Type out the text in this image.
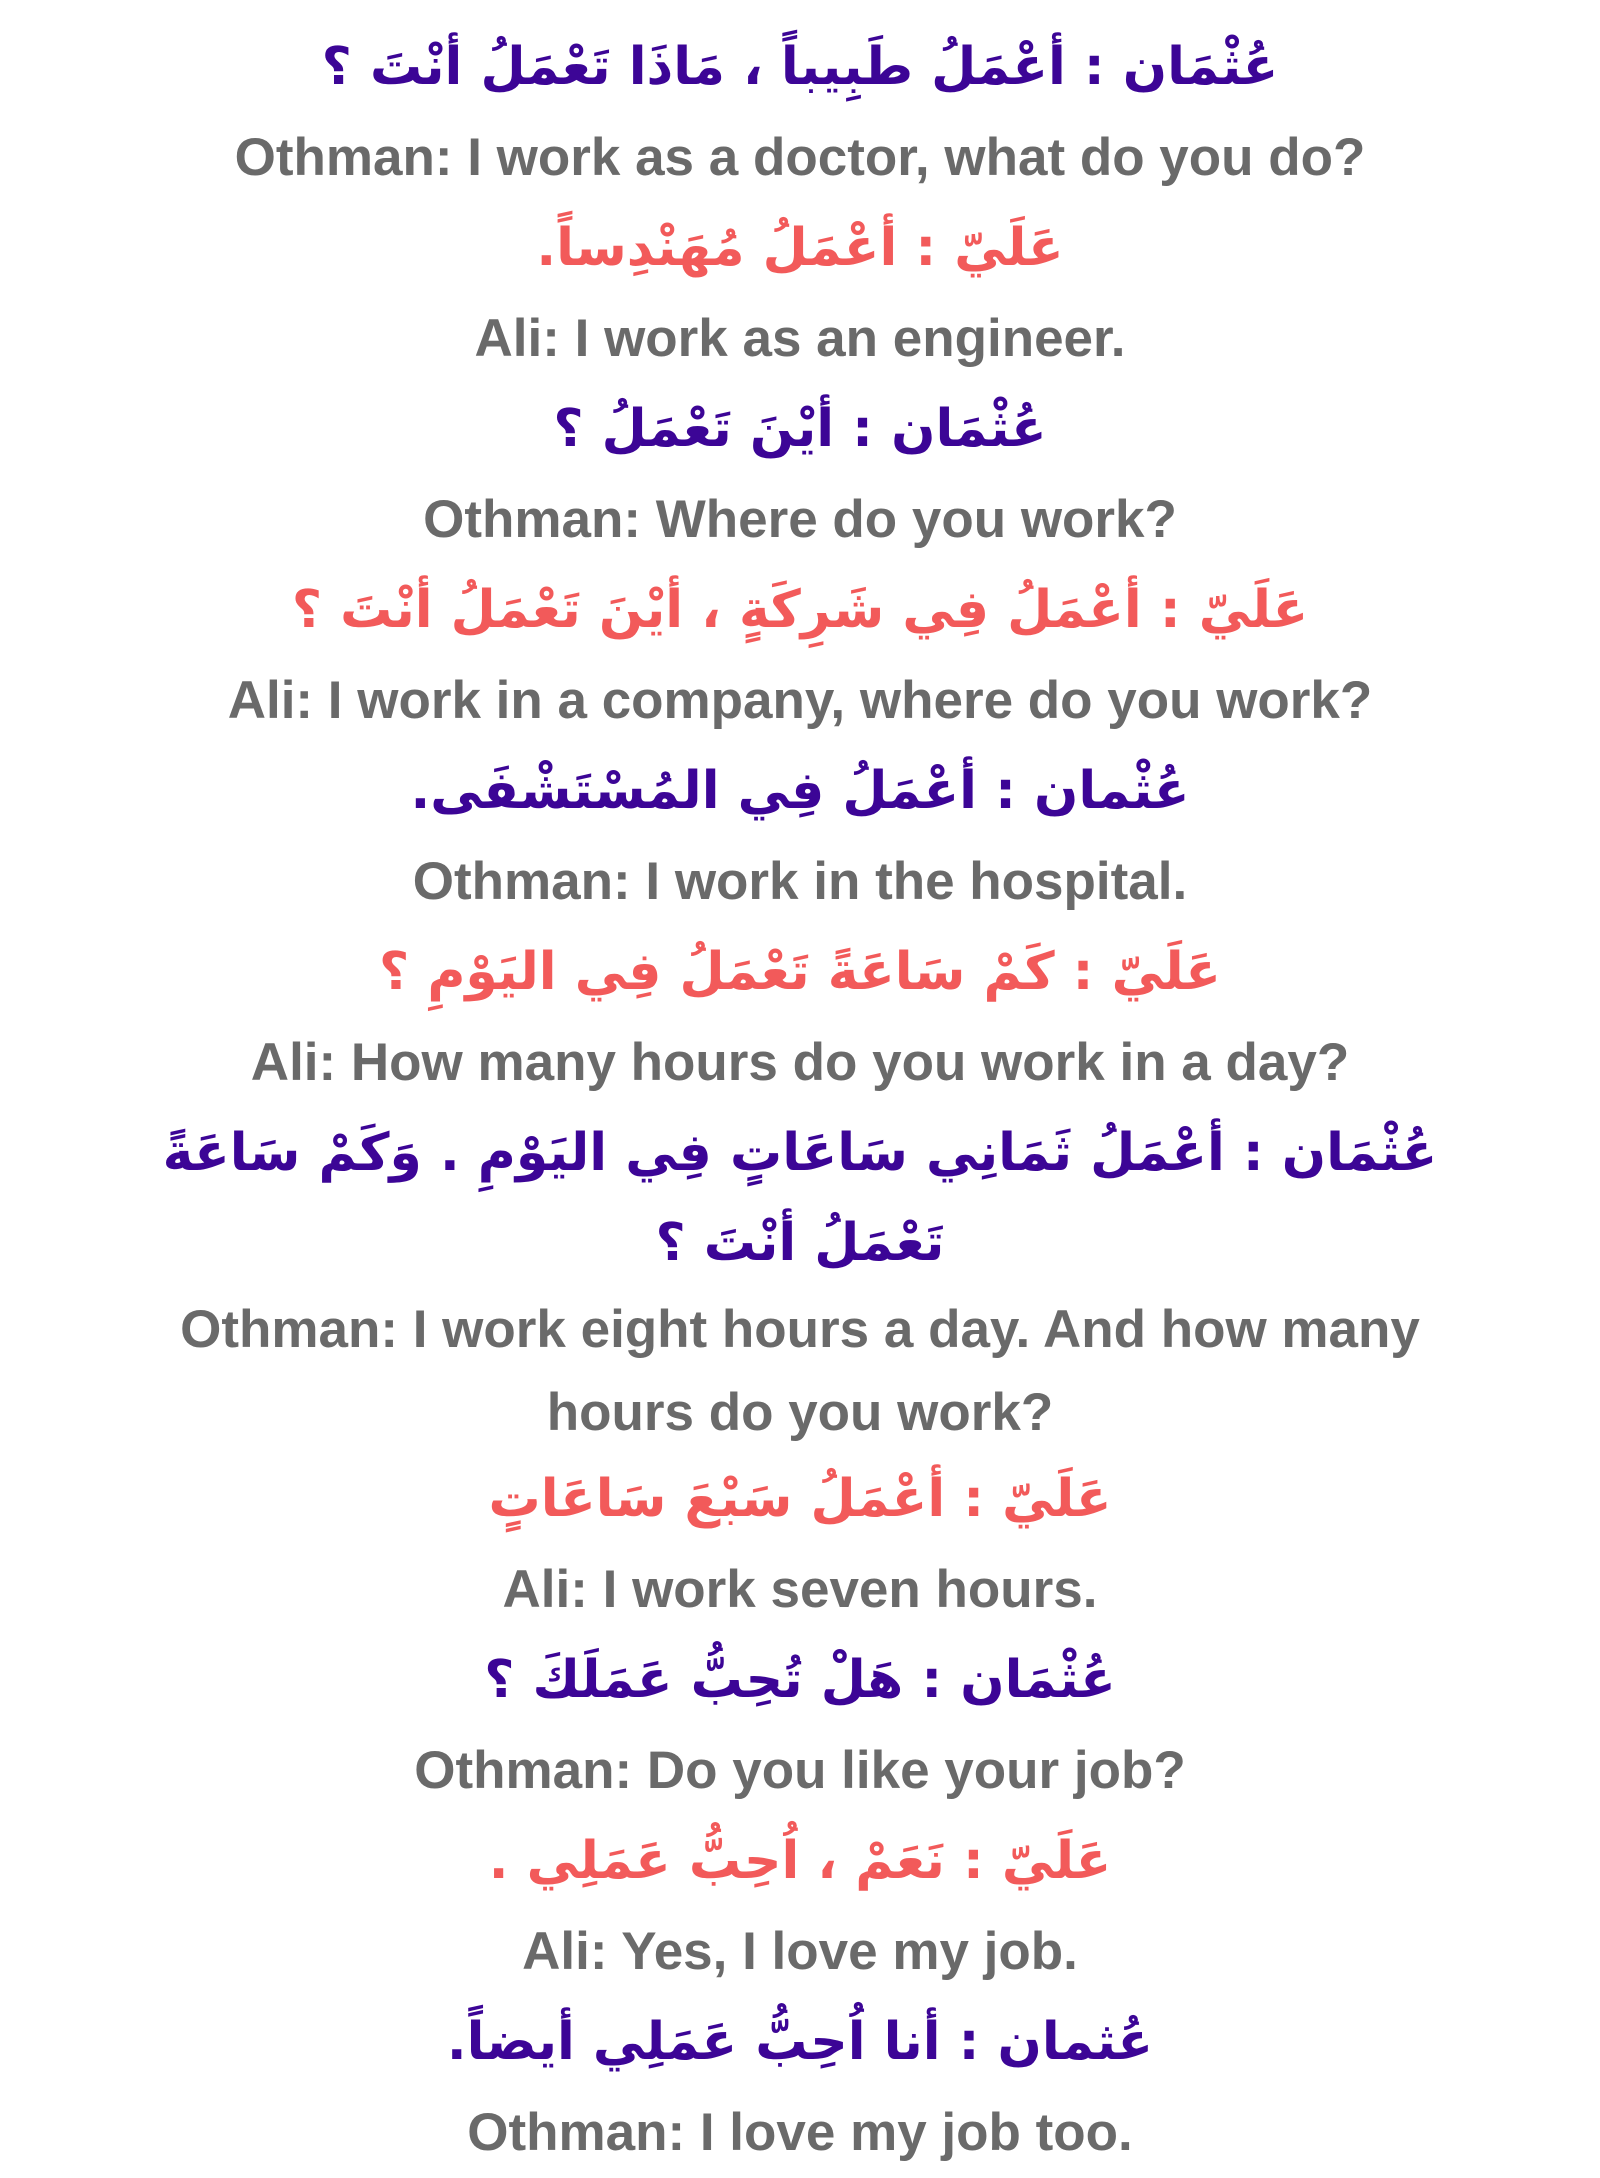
عُثْمَان : أعْمَلُ طَبِيباً ، مَاذَا تَعْمَلُ أنْتَ ؟

Othman: I work as a doctor, what do you do?

عَلَيّ : أعْمَلُ مُهَنْدِساً.

Ali: I work as an engineer.

عُثْمَان : أيْنَ تَعْمَلُ ؟

Othman: Where do you work?

عَلَيّ : أعْمَلُ فِي شَرِكَةٍ ، أيْنَ تَعْمَلُ أنْتَ ؟

Ali: I work in a company, where do you work?

عُثْمان : أعْمَلُ فِي المُسْتَشْفَى.

Othman: I work in the hospital.

عَلَيّ : كَمْ سَاعَةً تَعْمَلُ فِي اليَوْمِ ؟

Ali: How many hours do you work in a day?

عُثْمَان : أعْمَلُ ثَمَانِي سَاعَاتٍ فِي اليَوْمِ . وَكَمْ سَاعَةً تَعْمَلُ أنْتَ ؟

Othman: I work eight hours a day. And how many hours do you work?

عَلَيّ : أعْمَلُ سَبْعَ سَاعَاتٍ

Ali: I work seven hours.

عُثْمَان : هَلْ تُحِبُّ عَمَلَكَ ؟

Othman: Do you like your job?

عَلَيّ : نَعَمْ ، اُحِبُّ عَمَلِي .

Ali: Yes, I love my job.

عُثمان : أنا اُحِبُّ عَمَلِي أيضاً.

Othman: I love my job too.
